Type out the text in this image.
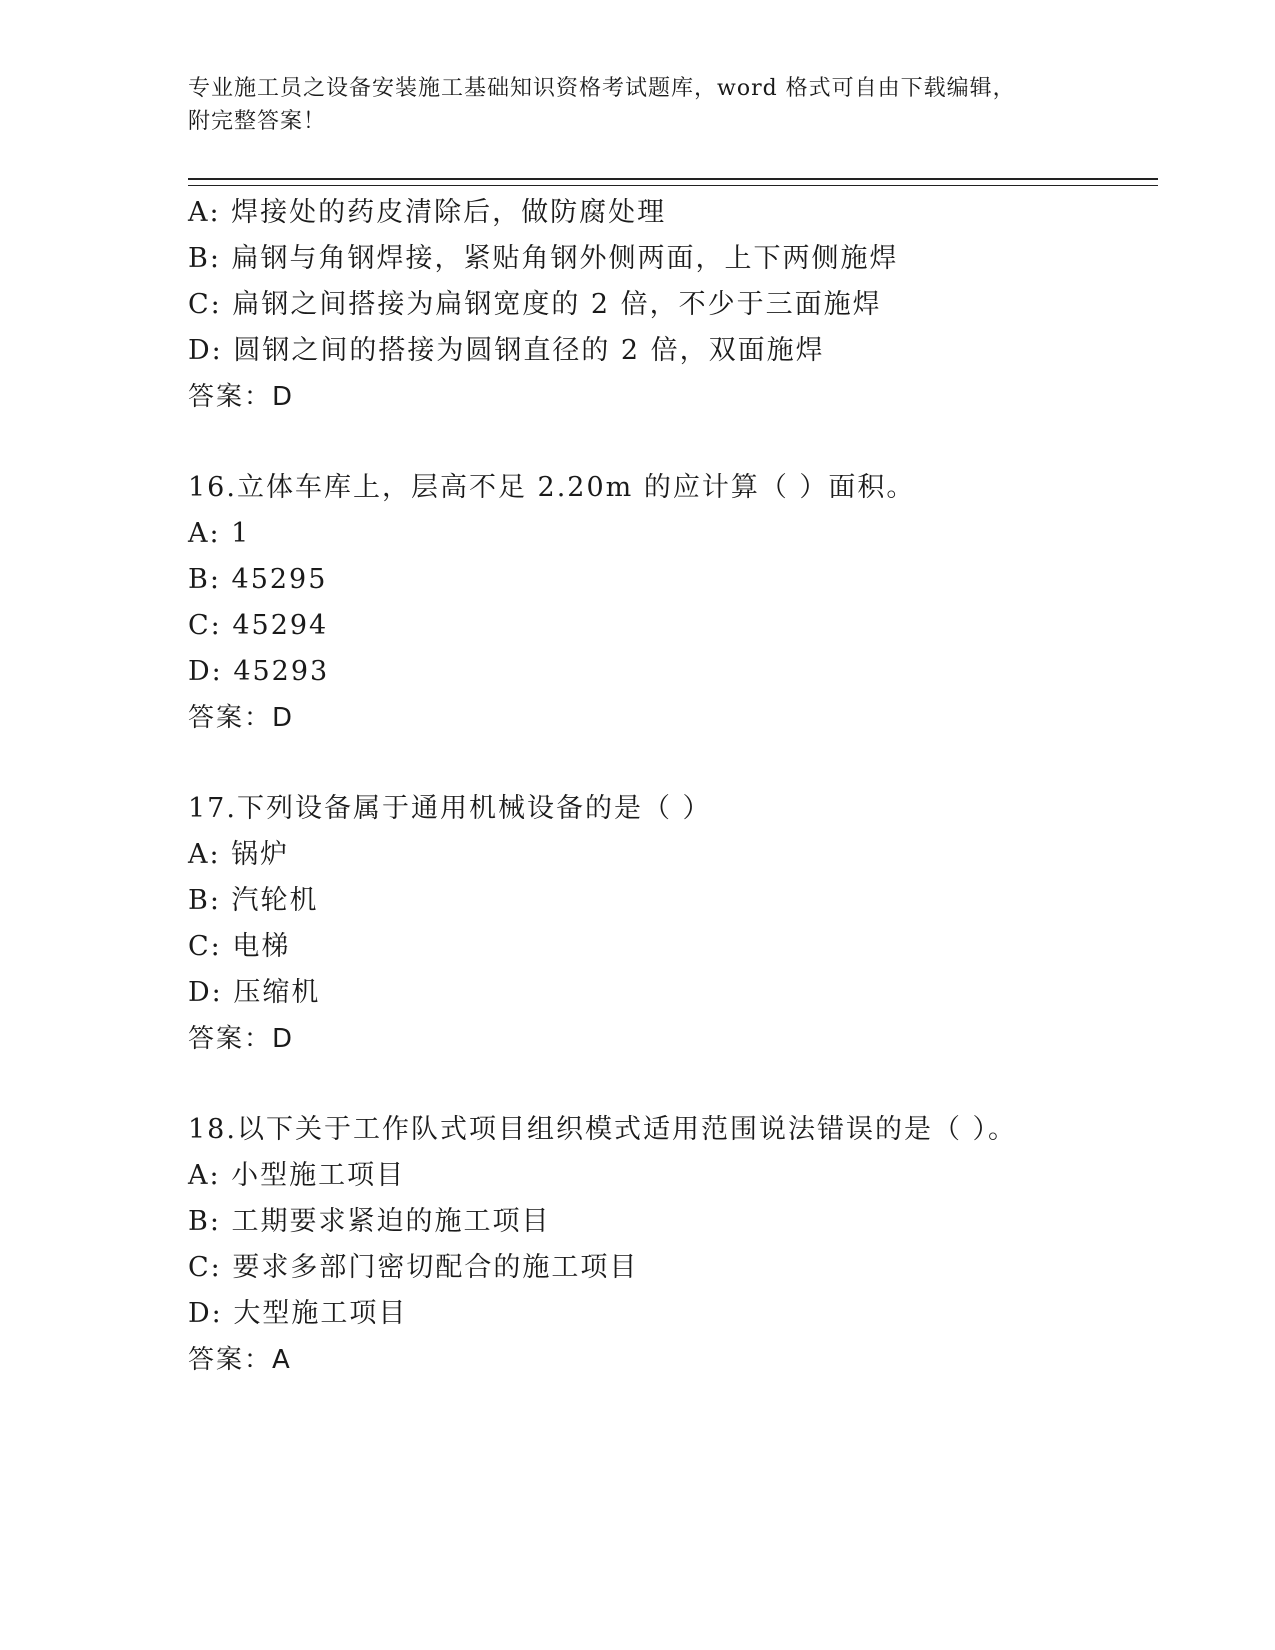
专业施工员之设备安装施工基础知识资格考试题库，word 格式可自由下载编辑，
附完整答案！
A: 焊接处的药皮清除后，做防腐处理
B: 扁钢与角钢焊接，紧贴角钢外侧两面，上下两侧施焊
C: 扁钢之间搭接为扁钢宽度的 2 倍，不少于三面施焊
D: 圆钢之间的搭接为圆钢直径的 2 倍，双面施焊
答案：D
16.立体车库上，层高不足 2.20m 的应计算（ ）面积。
A: 1
B: 45295
C: 45294
D: 45293
答案：D
17.下列设备属于通用机械设备的是（ ）
A: 锅炉
B: 汽轮机
C: 电梯
D: 压缩机
答案：D
18.以下关于工作队式项目组织模式适用范围说法错误的是（ ）。
A: 小型施工项目
B: 工期要求紧迫的施工项目
C: 要求多部门密切配合的施工项目
D: 大型施工项目
答案：A
